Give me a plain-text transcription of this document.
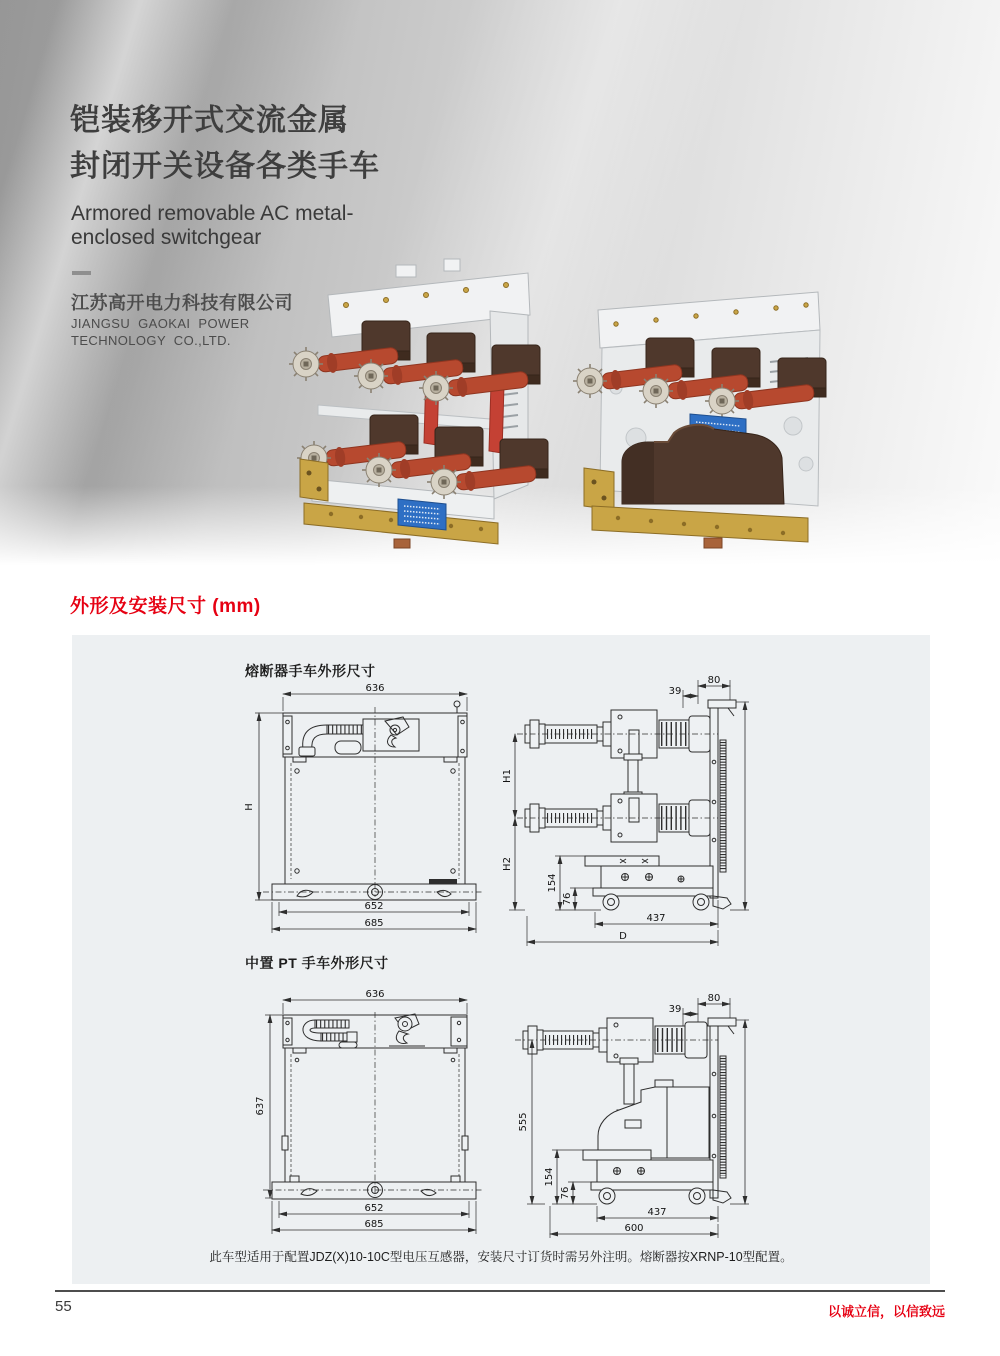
铠装移开式交流金属
封闭开关设备各类手车
Armored removable AC metal-
enclosed switchgear
江苏高开电力科技有限公司
JIANGSU GAOKAI POWER
TECHNOLOGY CO.,LTD.
外形及安装尺寸 (mm)
熔断器手车外形尺寸
中置 PT 手车外形尺寸
636
H
652
685
80
39
H1
H2
154
76
437
D
636
637
652
685
80
39
555
154
76
437
600
此车型适用于配置JDZ(X)10-10C型电压互感器，安装尺寸订货时需另外注明。熔断器按XRNP-10型配置。
55	以诚立信，以信致远
